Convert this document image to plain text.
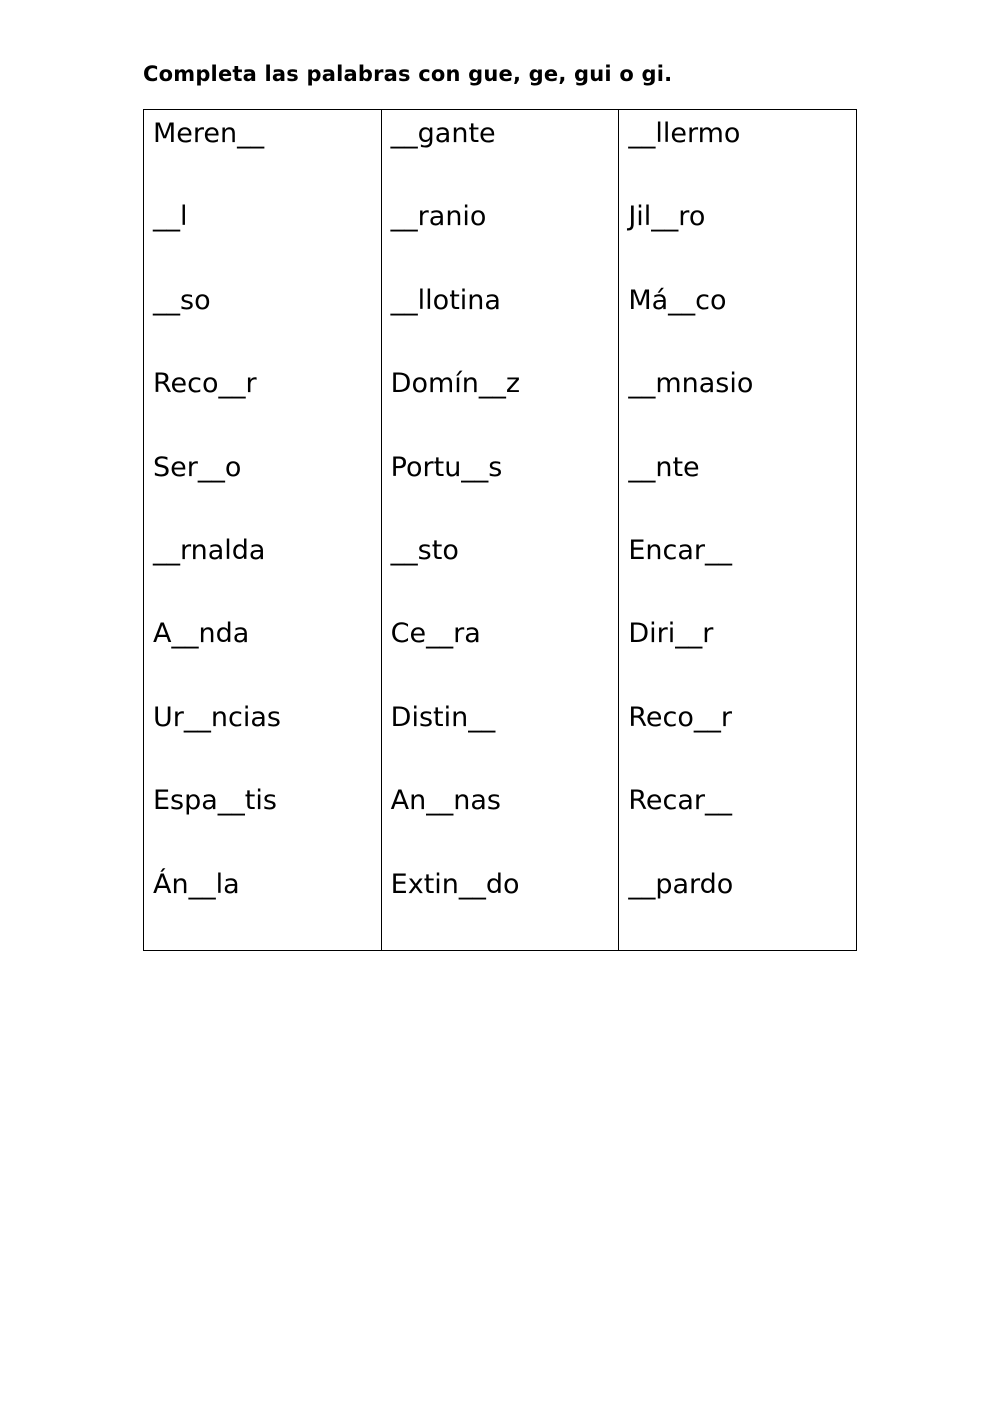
Completa las palabras con gue, ge, gui o gi.
Meren__
__l
__so
Reco__r
Ser__o
__rnalda
A__nda
Ur__ncias
Espa__tis
Án__la
__gante
__ranio
__llotina
Domín__z
Portu__s
__sto
Ce__ra
Distin__
An__nas
Extin__do
__llermo
Jil__ro
Má__co
__mnasio
__nte
Encar__
Diri__r
Reco__r
Recar__
__pardo
